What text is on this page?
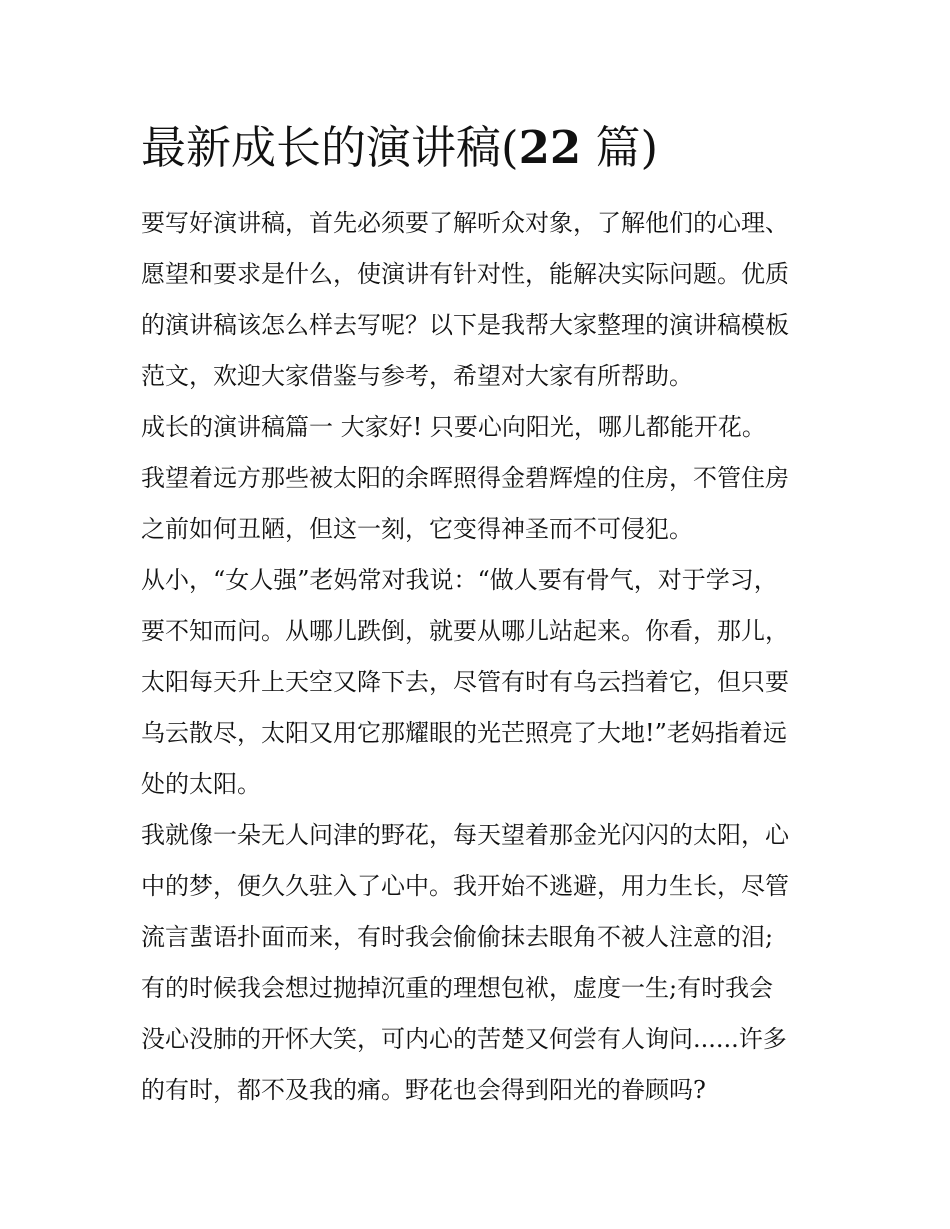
最新成长的演讲稿(22 篇)
要写好演讲稿，首先必须要了解听众对象，了解他们的心理、
愿望和要求是什么，使演讲有针对性，能解决实际问题。优质
的演讲稿该怎么样去写呢？以下是我帮大家整理的演讲稿模板
范文，欢迎大家借鉴与参考，希望对大家有所帮助。
成长的演讲稿篇一 大家好! 只要心向阳光，哪儿都能开花。
我望着远方那些被太阳的余晖照得金碧辉煌的住房，不管住房
之前如何丑陋，但这一刻，它变得神圣而不可侵犯。
从小，“女人强”老妈常对我说：“做人要有骨气，对于学习，
要不知而问。从哪儿跌倒，就要从哪儿站起来。你看，那儿，
太阳每天升上天空又降下去，尽管有时有乌云挡着它，但只要
乌云散尽，太阳又用它那耀眼的光芒照亮了大地!”老妈指着远
处的太阳。
我就像一朵无人问津的野花，每天望着那金光闪闪的太阳，心
中的梦，便久久驻入了心中。我开始不逃避，用力生长，尽管
流言蜚语扑面而来，有时我会偷偷抹去眼角不被人注意的泪;
有的时候我会想过抛掉沉重的理想包袱，虚度一生;有时我会
没心没肺的开怀大笑，可内心的苦楚又何尝有人询问......许多
的有时，都不及我的痛。野花也会得到阳光的眷顾吗?
